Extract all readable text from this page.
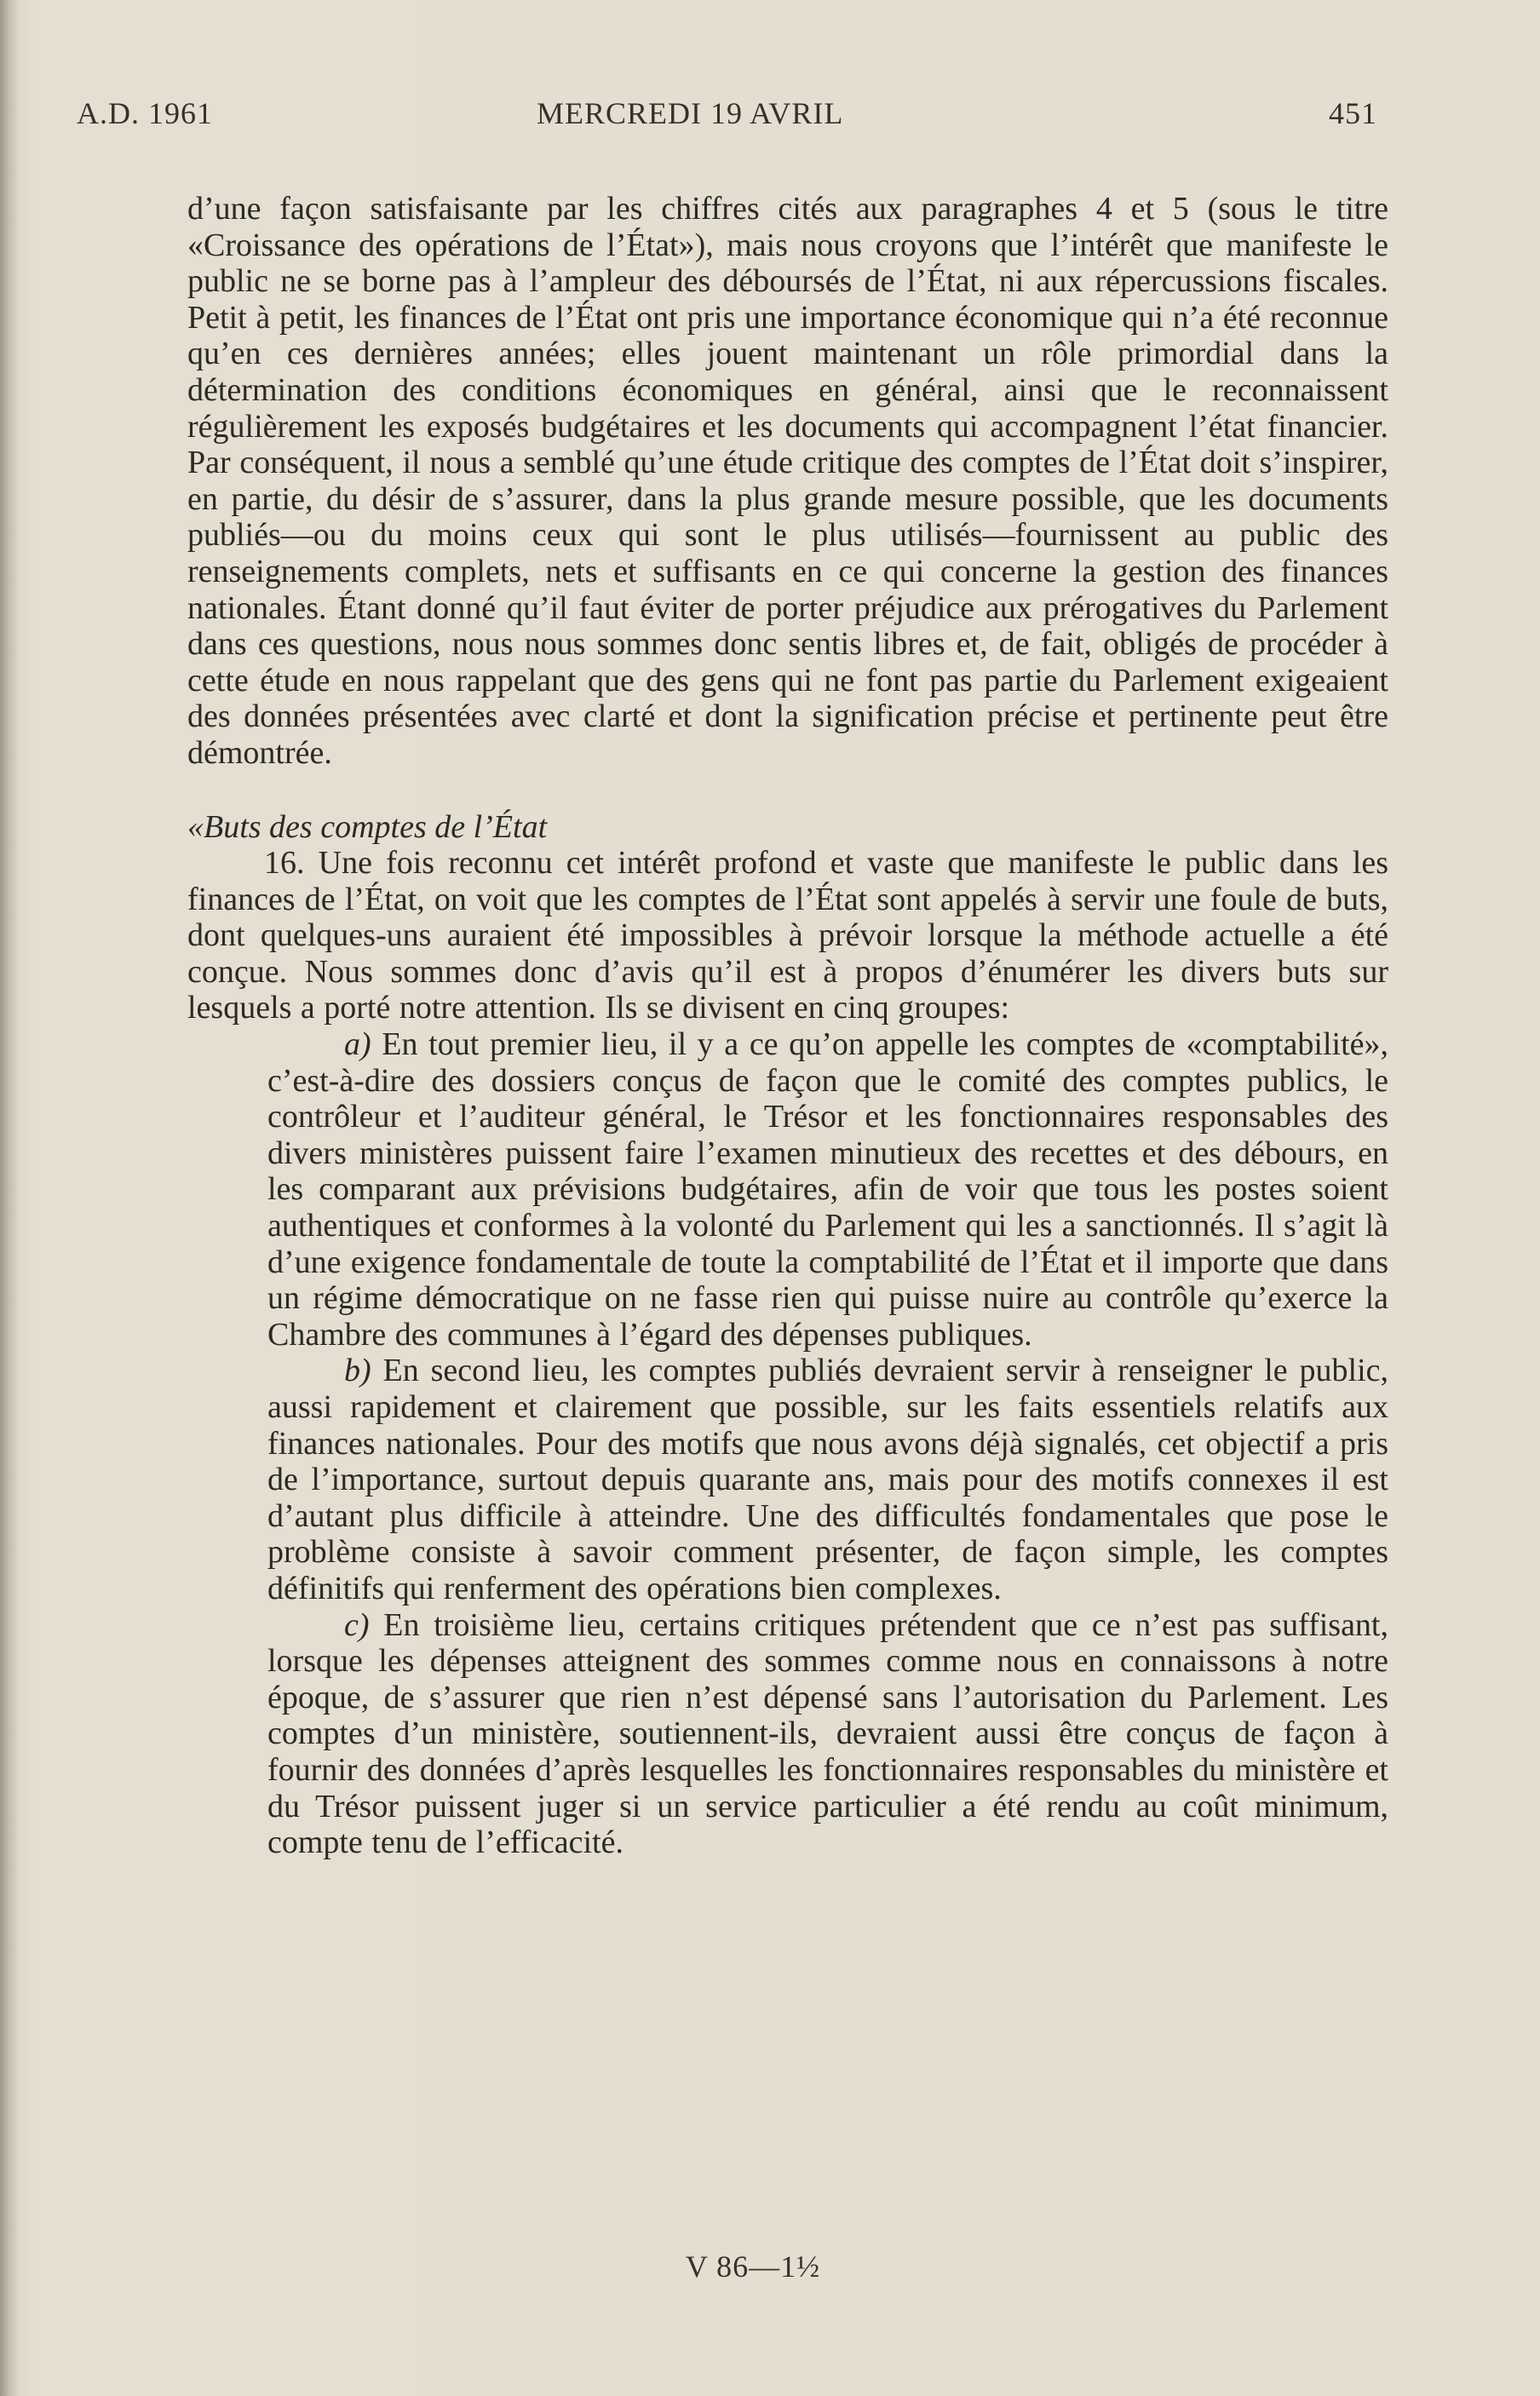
A.D. 1961	MERCREDI 19 AVRIL	451

d’une façon satisfaisante par les chiffres cités aux paragraphes 4 et 5 (sous le titre «Croissance des opérations de l’État»), mais nous croyons que l’intérêt que manifeste le public ne se borne pas à l’ampleur des déboursés de l’État, ni aux répercussions fiscales. Petit à petit, les finances de l’État ont pris une importance économique qui n’a été reconnue qu’en ces dernières années; elles jouent maintenant un rôle primordial dans la détermination des conditions économiques en général, ainsi que le reconnaissent régulièrement les exposés budgétaires et les documents qui accompagnent l’état financier. Par conséquent, il nous a semblé qu’une étude critique des comptes de l’État doit s’inspirer, en partie, du désir de s’assurer, dans la plus grande mesure possible, que les documents publiés—ou du moins ceux qui sont le plus utilisés—fournissent au public des renseignements complets, nets et suffisants en ce qui concerne la gestion des finances nationales. Étant donné qu’il faut éviter de porter préjudice aux prérogatives du Parlement dans ces questions, nous nous sommes donc sentis libres et, de fait, obligés de procéder à cette étude en nous rappelant que des gens qui ne font pas partie du Parlement exigeaient des données présentées avec clarté et dont la signification précise et pertinente peut être démontrée.

«Buts des comptes de l’État

16. Une fois reconnu cet intérêt profond et vaste que manifeste le public dans les finances de l’État, on voit que les comptes de l’État sont appelés à servir une foule de buts, dont quelques-uns auraient été impossibles à prévoir lorsque la méthode actuelle a été conçue. Nous sommes donc d’avis qu’il est à propos d’énumérer les divers buts sur lesquels a porté notre attention. Ils se divisent en cinq groupes:

a) En tout premier lieu, il y a ce qu’on appelle les comptes de «comptabilité», c’est-à-dire des dossiers conçus de façon que le comité des comptes publics, le contrôleur et l’auditeur général, le Trésor et les fonctionnaires responsables des divers ministères puissent faire l’examen minutieux des recettes et des débours, en les comparant aux prévisions budgétaires, afin de voir que tous les postes soient authentiques et conformes à la volonté du Parlement qui les a sanctionnés. Il s’agit là d’une exigence fondamentale de toute la comptabilité de l’État et il importe que dans un régime démocratique on ne fasse rien qui puisse nuire au contrôle qu’exerce la Chambre des communes à l’égard des dépenses publiques.

b) En second lieu, les comptes publiés devraient servir à renseigner le public, aussi rapidement et clairement que possible, sur les faits essentiels relatifs aux finances nationales. Pour des motifs que nous avons déjà signalés, cet objectif a pris de l’importance, surtout depuis quarante ans, mais pour des motifs connexes il est d’autant plus difficile à atteindre. Une des difficultés fondamentales que pose le problème consiste à savoir comment présenter, de façon simple, les comptes définitifs qui renferment des opérations bien complexes.

c) En troisième lieu, certains critiques prétendent que ce n’est pas suffisant, lorsque les dépenses atteignent des sommes comme nous en connaissons à notre époque, de s’assurer que rien n’est dépensé sans l’autorisation du Parlement. Les comptes d’un ministère, soutiennent-ils, devraient aussi être conçus de façon à fournir des données d’après lesquelles les fonctionnaires responsables du ministère et du Trésor puissent juger si un service particulier a été rendu au coût minimum, compte tenu de l’efficacité.

V 86—1½
